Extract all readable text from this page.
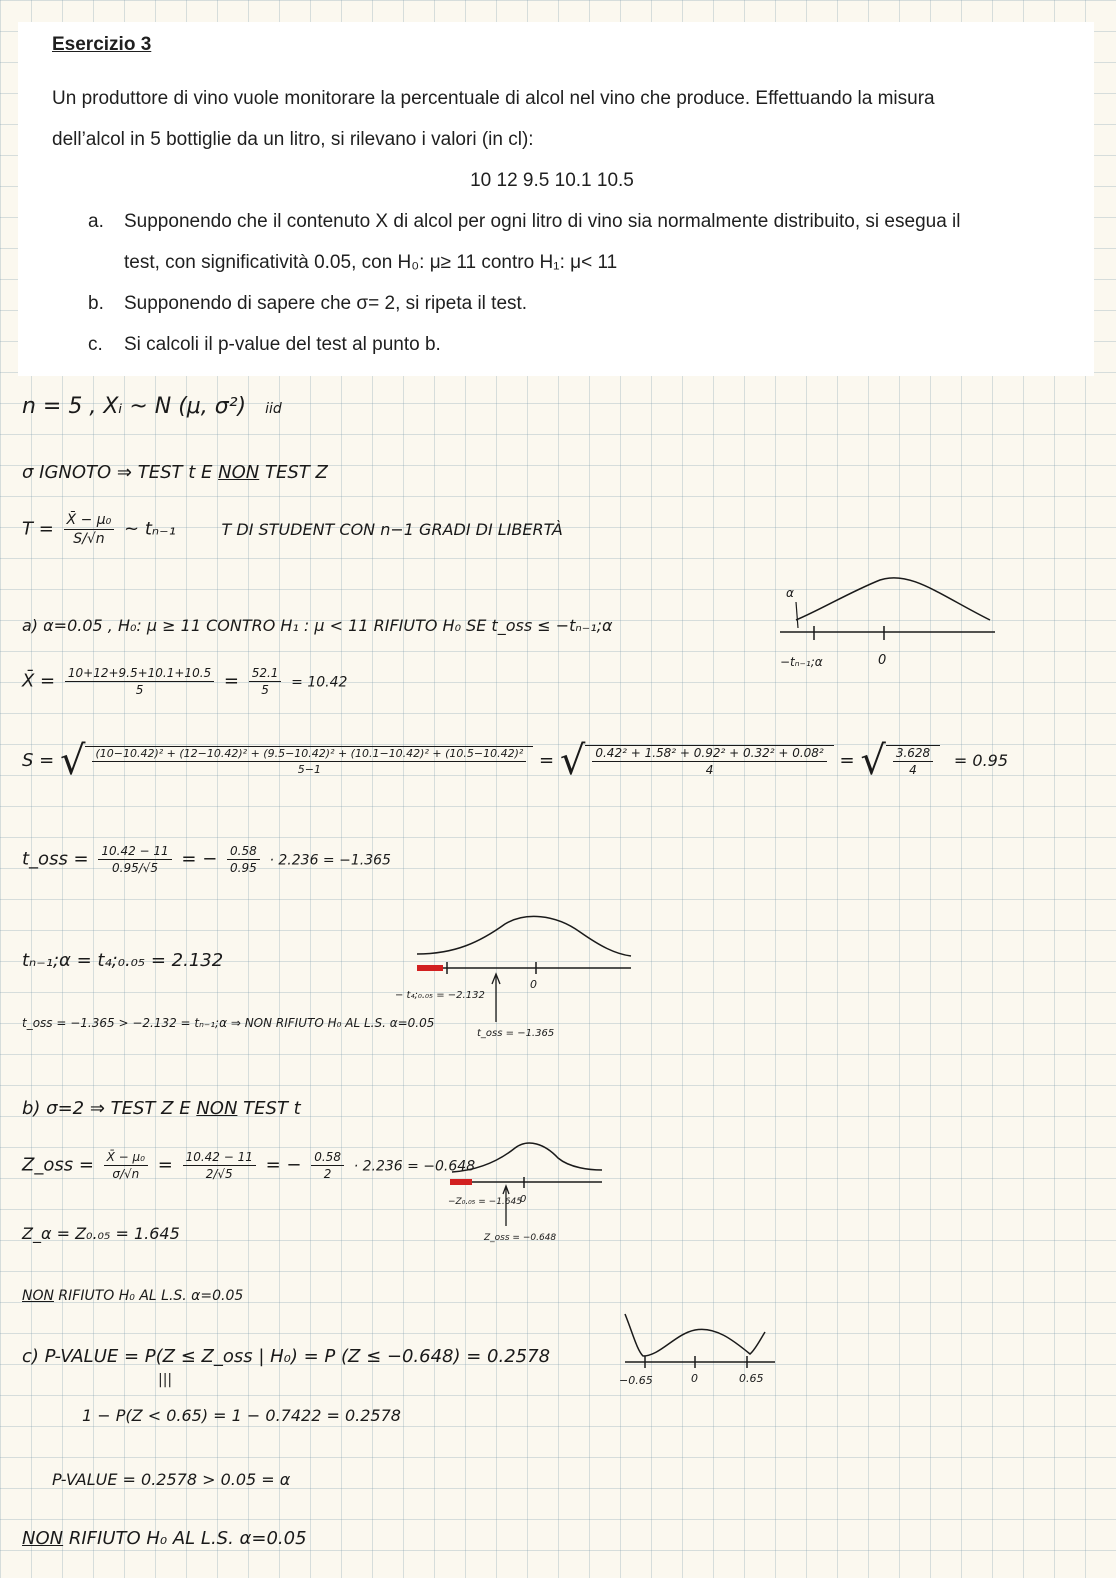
Esercizio 3

Un produttore di vino vuole monitorare la percentuale di alcol nel vino che produce. Effettuando la misura

dell’alcol in 5 bottiglie da un litro, si rilevano i valori (in cl):

10 12 9.5 10.1 10.5

a. Supponendo che il contenuto X di alcol per ogni litro di vino sia normalmente distribuito, si esegua il
test, con significatività 0.05, con H₀: μ≥ 11 contro H₁: μ< 11
b. Supponendo di sapere che σ= 2, si ripeta il test.
c. Si calcoli il p-value del test al punto b.
n = 5 , Xᵢ ~ N (μ, σ²) iid
σ IGNOTO ⇒ TEST t E NON TEST Z
$T = \frac{\text{X̄ − μ₀}}{S/√n}$ ~ tₙ₋₁	T DI STUDENT CON n−1 GRADI DI LIBERTÀ
a) α=0.05 , H₀: μ ≥ 11 CONTRO H₁ : μ < 11 RIFIUTO H₀ SE t_oss ≤ −tₙ₋₁;α
α
−tₙ₋₁;α	0
X̄ = $\frac{10+12+9.5+10.1+10.5}{5} = \frac{52.1}{5} = 10.42$
S = √ (10−10.42)² + (12−10.42)² + (9.5−10.42)² + (10.1−10.42)² + (10.5−10.42)²
5−1	= √ $\frac{\text{0.42² + 1.58² + 0.92² + 0.32² + 0.08²}}{4}$ = √ $\frac{3.628}{4} = 0.95$
t_oss = $\frac{10.42 - 11}{0.95/√5}$ = − $\frac{0.58}{0.95} \cdot 2.236 = -1.365$
tₙ₋₁;α = t₄;₀.₀₅ = 2.132
t_oss = −1.365 > −2.132 = tₙ₋₁;α ⇒ NON RIFIUTO H₀ AL L.S. α=0.05
− t₄;₀.₀₅ = −2.132
0
t_oss = −1.365
b) σ=2 ⇒ TEST Z E NON TEST t
Z_oss = $\frac{\text{X̄ − μ₀}}{\sigma/√n} = \frac{10.42 - 11}{2/√5}$ = − $\frac{0.58}{2} \cdot 2.236 = -0.648$
Z_α = Z₀.₀₅ = 1.645
−Z₀.₀₅ = −1.645
0
Z_oss = −0.648
NON RIFIUTO H₀ AL L.S. α=0.05
c) P-VALUE = P(Z ≤ Z_oss | H₀) = P (Z ≤ −0.648) = 0.2578
|||
1 − P(Z < 0.65) = 1 − 0.7422 = 0.2578
P-VALUE = 0.2578 > 0.05 = α
−0.65	0	0.65
NON RIFIUTO H₀ AL L.S. α=0.05
